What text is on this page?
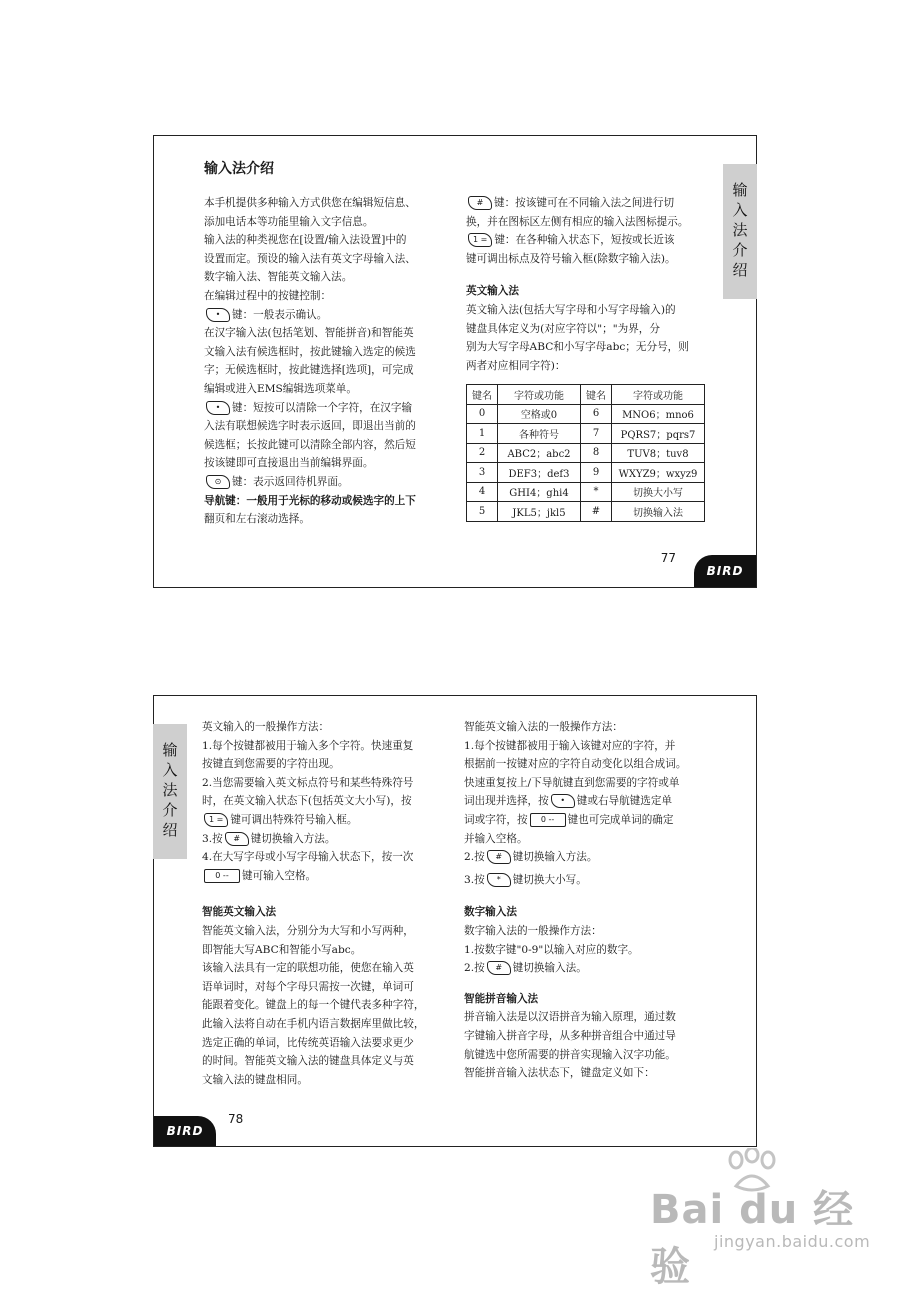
输入法介绍
输入法介绍

本手机提供多种输入方式供您在编辑短信息、

添加电话本等功能里输入文字信息。

输入法的种类视您在[设置/输入法设置]中的

设置而定。预设的输入法有英文字母输入法、

数字输入法、智能英文输入法。

在编辑过程中的按键控制：

• 键：一般表示确认。

在汉字输入法(包括笔划、智能拼音)和智能英

文输入法有候选框时，按此键输入选定的候选

字；无候选框时，按此键选择[选项]，可完成

编辑或进入EMS编辑选项菜单。

• 键：短按可以清除一个字符，在汉字输

入法有联想候选字时表示返回，即退出当前的

候选框；长按此键可以清除全部内容，然后短

按该键即可直接退出当前编辑界面。

⊙ 键：表示返回待机界面。

导航键：一般用于光标的移动或候选字的上下

翻页和左右滚动选择。

# 键：按该键可在不同输入法之间进行切

换，并在图标区左侧有相应的输入法图标提示。

1 = 键：在各种输入状态下，短按或长近该

键可调出标点及符号输入框(除数字输入法)。

英文输入法

英文输入法(包括大写字母和小写字母输入)的

键盘具体定义为(对应字符以"；"为界，分

别为大写字母ABC和小写字母abc；无分号，则

两者对应相同字符)：

键名	字符或功能	键名	字符或功能
0	空格或0	6	MNO6；mno6
1	各种符号	7	PQRS7；pqrs7
2	ABC2；abc2	8	TUV8；tuv8
3	DEF3；def3	9	WXYZ9；wxyz9
4	GHI4；ghi4	*	切换大小写
5	JKL5；jkl5	#	切换输入法
77
BIRD
输入法介绍

英文输入的一般操作方法：

1.每个按键都被用于输入多个字符。快速重复

按键直到您需要的字符出现。

2.当您需要输入英文标点符号和某些特殊符号

时，在英文输入状态下(包括英文大小写)，按

1 = 键可调出特殊符号输入框。

3.按 # 键切换输入方法。

4.在大写字母或小写字母输入状态下，按一次

0 -- 键可输入空格。

智能英文输入法

智能英文输入法，分别分为大写和小写两种，

即智能大写ABC和智能小写abc。

该输入法具有一定的联想功能，使您在输入英

语单词时，对每个字母只需按一次键，单词可

能跟着变化。键盘上的每一个键代表多种字符，

此输入法将自动在手机内语言数据库里做比较，

选定正确的单词，比传统英语输入法要求更少

的时间。智能英文输入法的键盘具体定义与英

文输入法的键盘相同。

智能英文输入法的一般操作方法：

1.每个按键都被用于输入该键对应的字符，并

根据前一按键对应的字符自动变化以组合成词。

快速重复按上/下导航键直到您需要的字符或单

词出现并选择，按 • 键或右导航键选定单

词或字符，按 0 -- 键也可完成单词的确定

并输入空格。

2.按 # 键切换输入方法。

3.按 * 键切换大小写。

数字输入法

数字输入法的一般操作方法：

1.按数字键"0-9"以输入对应的数字。

2.按 # 键切换输入法。

智能拼音输入法

拼音输入法是以汉语拼音为输入原理，通过数

字键输入拼音字母，从多种拼音组合中通过导

航键选中您所需要的拼音实现输入汉字功能。

智能拼音输入法状态下，键盘定义如下：

BIRD
78
Bai du 经验
jingyan.baidu.com
